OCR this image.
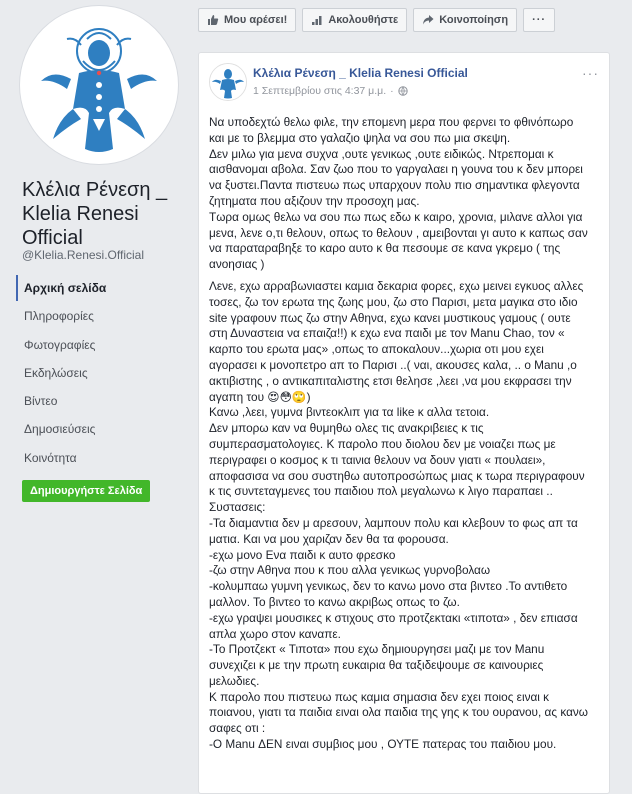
Κλέλια Ρένεση _ Klelia Renesi Official
@Klelia.Renesi.Official
Αρχική σελίδα
Πληροφορίες
Φωτογραφίες
Εκδηλώσεις
Βίντεο
Δημοσιεύσεις
Κοινότητα
Δημιουργήστε Σελίδα
Μου αρέσει!	Ακολουθήστε	Κοινοποίηση	···
Κλέλια Ρένεση _ Klelia Renesi Official
1 Σεπτεμβρίου στις 4:37 μ.μ. ·
···

Να υποδεχτώ θελω φιλε, την επομενη μερα που φερνει το φθινόπωρο
και με το βλεμμα στο γαλαζιο ψηλα να σου πω μια σκεψη.
Δεν μιλω για μενα συχνα ,ουτε γενικως ,ουτε ειδικώς. Ντρεπομαι κ
αισθανομαι αβολα. Σαν ζωο που το γαργαλαει η γουνα του κ δεν μπορει
να ξυστει.Παντα πιστευω πως υπαρχουν πολυ πιο σημαντικα φλεγοντα
ζητηματα που αξιζουν την προσοχη μας.
Τωρα ομως θελω να σου πω πως εδω κ καιρο, χρονια, μιλανε αλλοι για
μενα, λενε ο,τι θελουν, οπως το θελουν , αμειβονται γι αυτο κ καπως σαν
να παραταραβηξε το καρο αυτο κ θα πεσουμε σε κανα γκρεμο ( της
ανοησιας )

Λενε, εχω αρραβωνιαστει καμια δεκαρια φορες, εχω μεινει εγκυος αλλες
τοσες, ζω τον ερωτα της ζωης μου, ζω στο Παρισι, μετα μαγικα στο ιδιο
site γραφουν πως ζω στην Αθηνα, εχω κανει μυστικους γαμους ( ουτε
στη Δυναστεια να επαιζα!!) κ εχω ενα παιδι με τον Manu Chao, τον «
καρπο του ερωτα μας» ,οπως το αποκαλουν...χωρια οτι μου εχει
αγορασει κ μονοπετρο απ το Παρισι ..( ναι, ακουσες καλα, .. ο Manu ,ο
ακτιβιστης , ο αντικαπιταλιστης ετσι θελησε ,λεει ,να μου εκφρασει την
αγαπη του 😍😳🙄)
Κανω ,λεει, γυμνα βιντεοκλιπ για τα like κ αλλα τετοια.
Δεν μπορω καν να θυμηθω ολες τις ανακριβειες κ τις
συμπερασματολογιες. Κ παρολο που διολου δεν με νοιαζει πως με
περιγραφει ο κοσμος κ τι ταινια θελουν να δουν γιατι « πουλαει»,
αποφασισα να σου συστηθω αυτοπροσώπως μιας κ τωρα περιγραφουν
κ τις συντεταγμενες του παιδιου πολ μεγαλωνω κ λιγο παραπαει ..
Συστασεις:
-Τα διαμαντια δεν μ αρεσουν, λαμπουν πολυ και κλεβουν το φως απ τα
ματια. Και να μου χαριζαν δεν θα τα φορουσα.
-εχω μονο Ενα παιδι κ αυτο φρεσκο
-ζω στην Αθηνα που κ που αλλα γενικως γυρνοβολαω
-κολυμπαω γυμνη γενικως, δεν το κανω μονο στα βιντεο .Το αντιθετο
μαλλον. Το βιντεο το κανω ακριβως οπως το ζω.
-εχω γραψει μουσικες κ στιχους στο προτζεκτακι «τιποτα» , δεν επιασα
απλα χωρο στον καναπε.
-Το Προτζεκτ « Τιποτα» που εχω δημιουργησει μαζι με τον Manu
συνεχιζει κ με την πρωτη ευκαιρια θα ταξιδεψουμε σε καινουριες
μελωδιες.
Κ παρολο που πιστευω πως καμια σημασια δεν εχει ποιος ειναι κ
ποιανου, γιατι τα παιδια ειναι ολα παιδια της γης κ του ουρανου, ας κανω
σαφες οτι :
-Ο Manu ΔΕΝ ειναι συμβιος μου , ΟΥΤΕ πατερας του παιδιου μου.
